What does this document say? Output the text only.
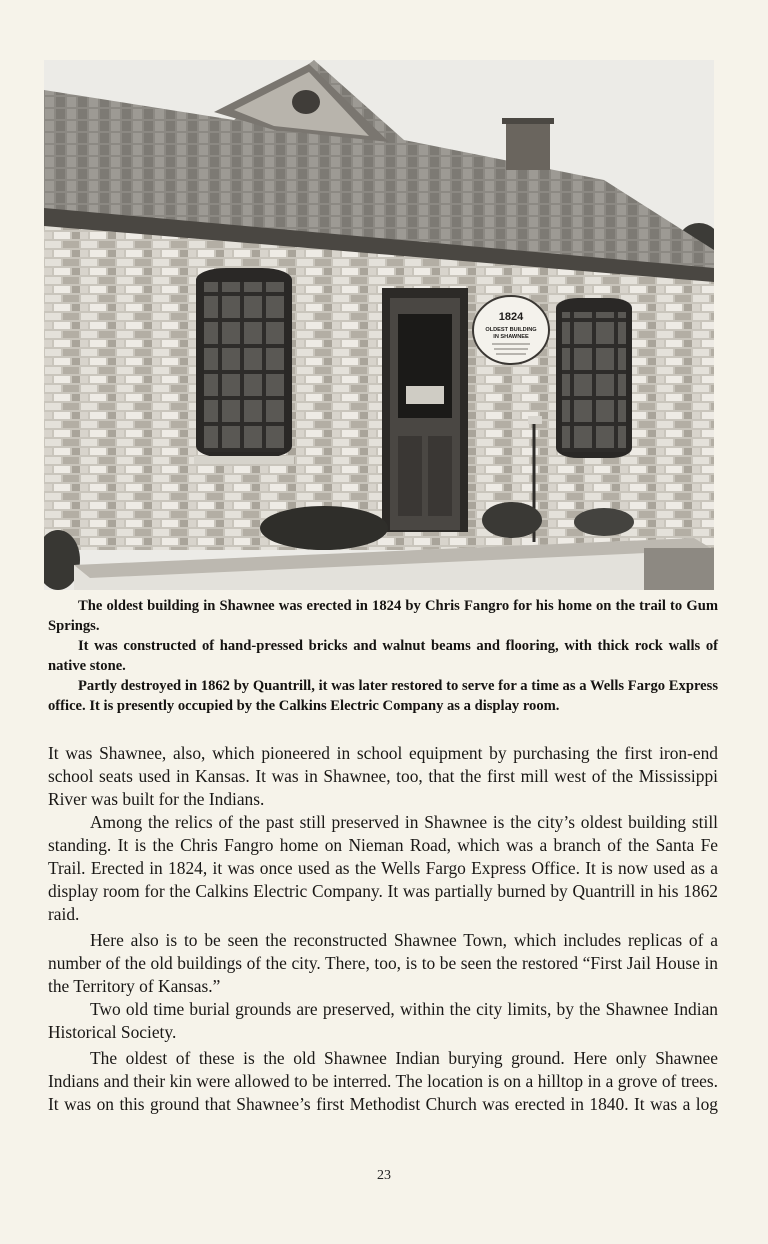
1824
OLDEST BUILDING
IN SHAWNEE

The oldest building in Shawnee was erected in 1824 by Chris Fangro for his home on the trail to Gum Springs.

It was constructed of hand-pressed bricks and walnut beams and flooring, with thick rock walls of native stone.

Partly destroyed in 1862 by Quantrill, it was later restored to serve for a time as a Wells Fargo Express office. It is presently occupied by the Calkins Electric Company as a display room.

It was Shawnee, also, which pioneered in school equipment by purchasing the first iron-end school seats used in Kansas. It was in Shawnee, too, that the first mill west of the Mississippi River was built for the Indians.

Among the relics of the past still preserved in Shawnee is the city’s oldest building still standing. It is the Chris Fangro home on Nieman Road, which was a branch of the Santa Fe Trail. Erected in 1824, it was once used as the Wells Fargo Express Office. It is now used as a display room for the Calkins Electric Company. It was partially burned by Quantrill in his 1862 raid.

Here also is to be seen the reconstructed Shawnee Town, which includes replicas of a number of the old buildings of the city. There, too, is to be seen the restored “First Jail House in the Territory of Kansas.”

Two old time burial grounds are preserved, within the city limits, by the Shawnee Indian Historical Society.

The oldest of these is the old Shawnee Indian burying ground. Here only Shawnee Indians and their kin were allowed to be interred. The location is on a hilltop in a grove of trees. It was on this ground that Shawnee’s first Methodist Church was erected in 1840. It was a log

23
